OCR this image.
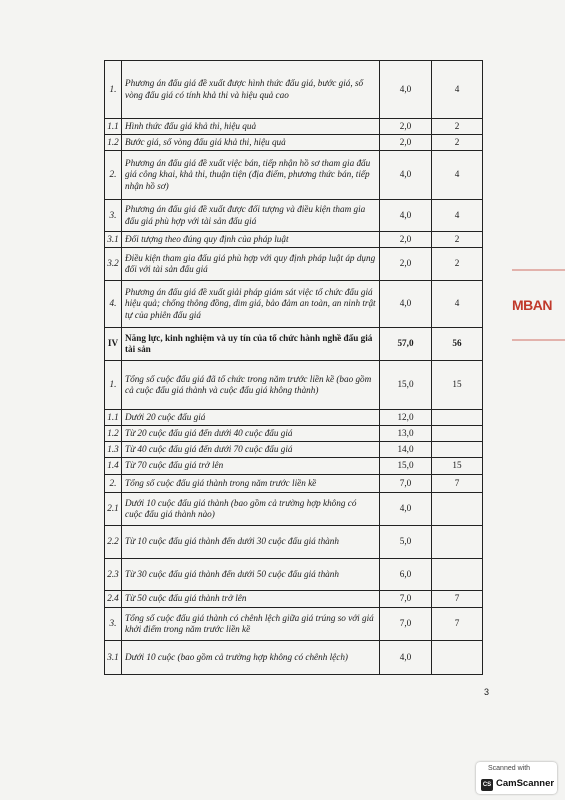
1.	Phương án đấu giá đề xuất được hình thức đấu giá, bước giá, số vòng đấu giá có tính khả thi và hiệu quả cao	4,0	4
1.1	Hình thức đấu giá khả thi, hiệu quả	2,0	2
1.2	Bước giá, số vòng đấu giá khả thi, hiệu quả	2,0	2
2.	Phương án đấu giá đề xuất việc bán, tiếp nhận hồ sơ tham gia đấu giá công khai, khả thi, thuận tiện (địa điểm, phương thức bán, tiếp nhận hồ sơ)	4,0	4
3.	Phương án đấu giá đề xuất được đối tượng và điều kiện tham gia đấu giá phù hợp với tài sản đấu giá	4,0	4
3.1	Đối tượng theo đúng quy định của pháp luật	2,0	2
3.2	Điều kiện tham gia đấu giá phù hợp với quy định pháp luật áp dụng đối với tài sản đấu giá	2,0	2
4.	Phương án đấu giá đề xuất giải pháp giám sát việc tổ chức đấu giá hiệu quả; chống thông đồng, dìm giá, bảo đảm an toàn, an ninh trật tự của phiên đấu giá	4,0	4
IV	Năng lực, kinh nghiệm và uy tín của tổ chức hành nghề đấu giá tài sản	57,0	56
1.	Tổng số cuộc đấu giá đã tổ chức trong năm trước liền kề (bao gồm cả cuộc đấu giá thành và cuộc đấu giá không thành)	15,0	15
1.1	Dưới 20 cuộc đấu giá	12,0	
1.2	Từ 20 cuộc đấu giá đến dưới 40 cuộc đấu giá	13,0	
1.3	Từ 40 cuộc đấu giá đến dưới 70 cuộc đấu giá	14,0	
1.4	Từ 70 cuộc đấu giá trở lên	15,0	15
2.	Tổng số cuộc đấu giá thành trong năm trước liền kề	7,0	7
2.1	Dưới 10 cuộc đấu giá thành (bao gồm cả trường hợp không có cuộc đấu giá thành nào)	4,0	
2.2	Từ 10 cuộc đấu giá thành đến dưới 30 cuộc đấu giá thành	5,0	
2.3	Từ 30 cuộc đấu giá thành đến dưới 50 cuộc đấu giá thành	6,0	
2.4	Từ 50 cuộc đấu giá thành trở lên	7,0	7
3.	Tổng số cuộc đấu giá thành có chênh lệch giữa giá trúng so với giá khởi điểm trong năm trước liền kề	7,0	7
3.1	Dưới 10 cuộc (bao gồm cả trường hợp không có chênh lệch)	4,0	
3
MBAN
Scanned with
CS CamScanner
